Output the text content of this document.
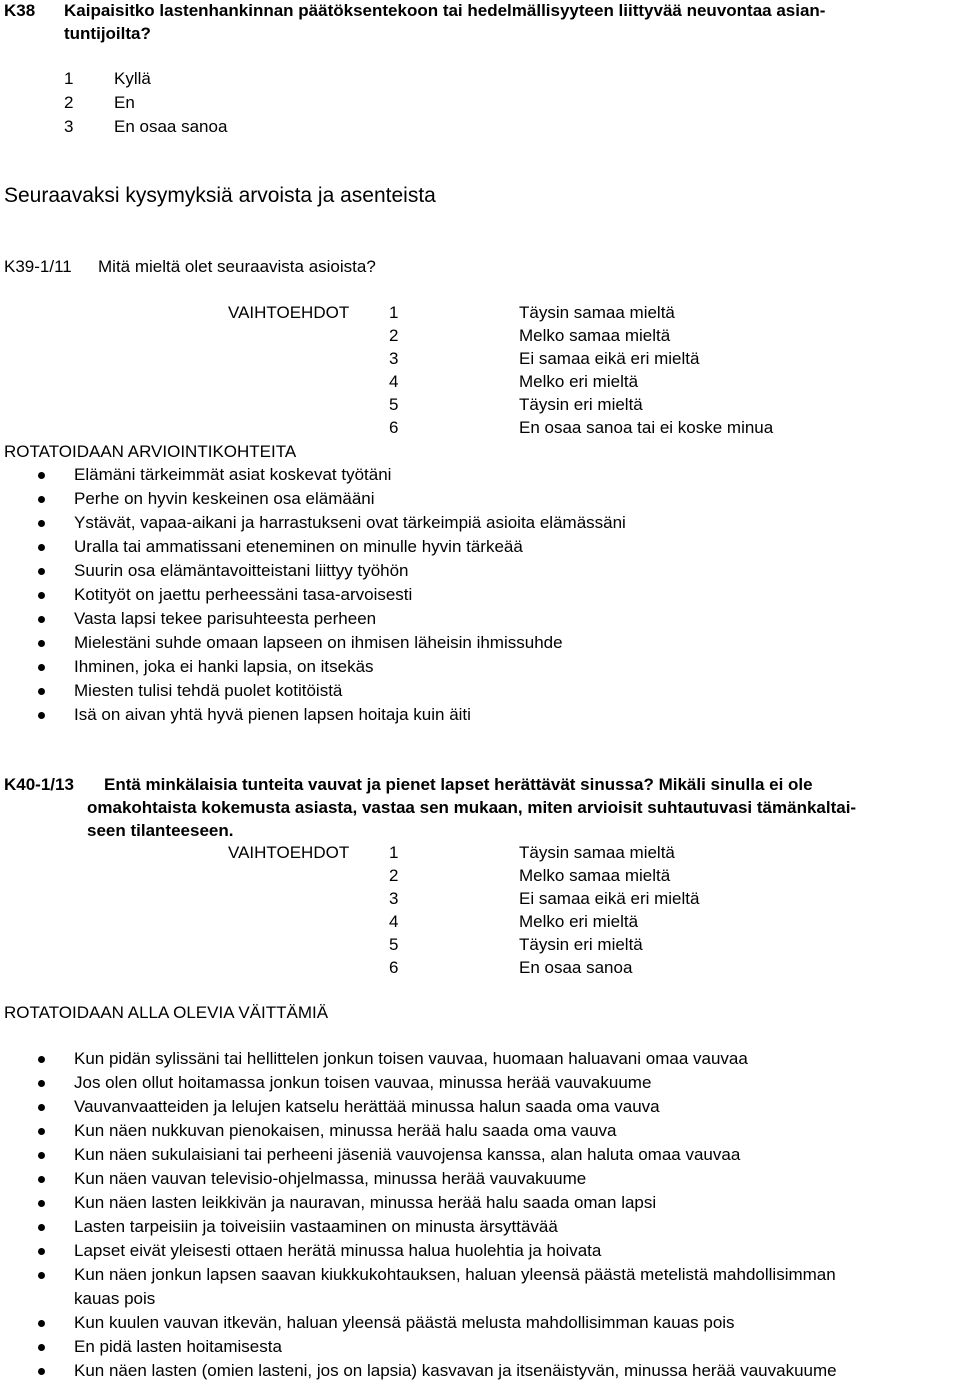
K38 Kaipaisitko lastenhankinnan päätöksentekoon tai hedelmällisyyteen liittyvää neuvontaa asian-
tuntijoilta?
1 Kyllä
2 En
3 En osaa sanoa
Seuraavaksi kysymyksiä arvoista ja asenteista
K39-1/11 Mitä mieltä olet seuraavista asioista?
VAIHTOEHDOT 1	Täysin samaa mieltä
2	Melko samaa mieltä
3	Ei samaa eikä eri mieltä
4	Melko eri mieltä
5	Täysin eri mieltä
6	En osaa sanoa tai ei koske minua
ROTATOIDAAN ARVIOINTIKOHTEITA
Elämäni tärkeimmät asiat koskevat työtäni
Perhe on hyvin keskeinen osa elämääni
Ystävät, vapaa-aikani ja harrastukseni ovat tärkeimpiä asioita elämässäni
Uralla tai ammatissani eteneminen on minulle hyvin tärkeää
Suurin osa elämäntavoitteistani liittyy työhön
Kotityöt on jaettu perheessäni tasa-arvoisesti
Vasta lapsi tekee parisuhteesta perheen
Mielestäni suhde omaan lapseen on ihmisen läheisin ihmissuhde
Ihminen, joka ei hanki lapsia, on itsekäs
Miesten tulisi tehdä puolet kotitöistä
Isä on aivan yhtä hyvä pienen lapsen hoitaja kuin äiti
K40-1/13 Entä minkälaisia tunteita vauvat ja pienet lapset herättävät sinussa? Mikäli sinulla ei ole
omakohtaista kokemusta asiasta, vastaa sen mukaan, miten arvioisit suhtautuvasi tämänkaltai-
seen tilanteeseen.
VAIHTOEHDOT 1	Täysin samaa mieltä
2	Melko samaa mieltä
3	Ei samaa eikä eri mieltä
4	Melko eri mieltä
5	Täysin eri mieltä
6	En osaa sanoa
ROTATOIDAAN ALLA OLEVIA VÄITTÄMIÄ
Kun pidän sylissäni tai hellittelen jonkun toisen vauvaa, huomaan haluavani omaa vauvaa
Jos olen ollut hoitamassa jonkun toisen vauvaa, minussa herää vauvakuume
Vauvanvaatteiden ja lelujen katselu herättää minussa halun saada oma vauva
Kun näen nukkuvan pienokaisen, minussa herää halu saada oma vauva
Kun näen sukulaisiani tai perheeni jäseniä vauvojensa kanssa, alan haluta omaa vauvaa
Kun näen vauvan televisio-ohjelmassa, minussa herää vauvakuume
Kun näen lasten leikkivän ja nauravan, minussa herää halu saada oman lapsi
Lasten tarpeisiin ja toiveisiin vastaaminen on minusta ärsyttävää
Lapset eivät yleisesti ottaen herätä minussa halua huolehtia ja hoivata
Kun näen jonkun lapsen saavan kiukkukohtauksen, haluan yleensä päästä metelistä mahdollisimman
kauas pois
Kun kuulen vauvan itkevän, haluan yleensä päästä melusta mahdollisimman kauas pois
En pidä lasten hoitamisesta
Kun näen lasten (omien lasteni, jos on lapsia) kasvavan ja itsenäistyvän, minussa herää vauvakuume
